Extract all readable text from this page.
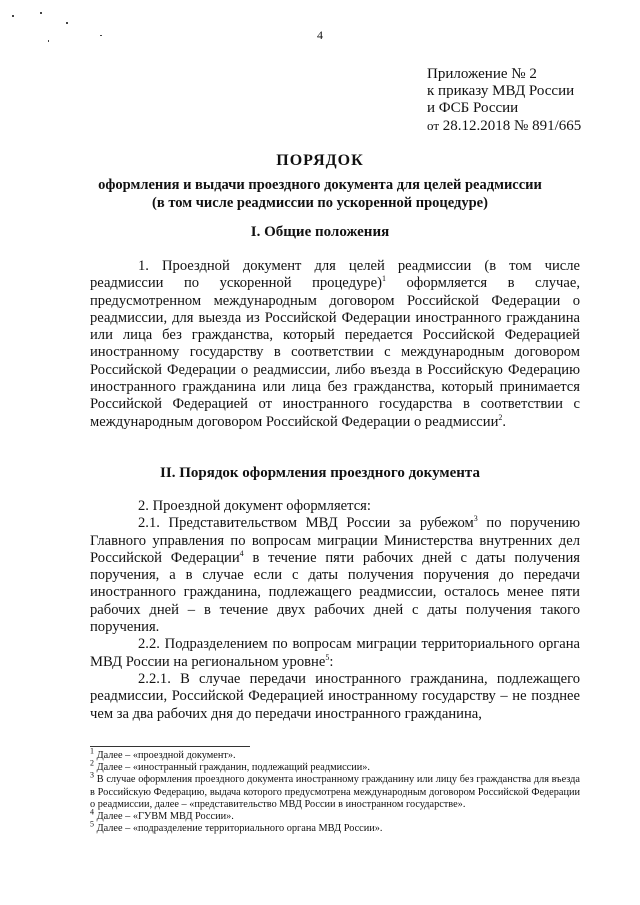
4
Приложение № 2
к приказу МВД России
и ФСБ России
от 28.12.2018 № 891/665
ПОРЯДОК
оформления и выдачи проездного документа для целей реадмиссии
(в том числе реадмиссии по ускоренной процедуре)
I. Общие положения

1. Проездной документ для целей реадмиссии (в том числе реадмиссии по ускоренной процедуре)$^1$ оформляется в случае, предусмотренном международным договором Российской Федерации о реадмиссии, для выезда из Российской Федерации иностранного гражданина или лица без гражданства, который передается Российской Федерацией иностранному государству в соответствии с международным договором Российской Федерации о реадмиссии, либо въезда в Российскую Федерацию иностранного гражданина или лица без гражданства, который принимается Российской Федерацией от иностранного государства в соответствии с международным договором Российской Федерации о реадмиссии$^2$.

II. Порядок оформления проездного документа

2. Проездной документ оформляется:

2.1. Представительством МВД России за рубежом$^3$ по поручению Главного управления по вопросам миграции Министерства внутренних дел Российской Федерации$^4$ в течение пяти рабочих дней с даты получения поручения, а в случае если с даты получения поручения до передачи иностранного гражданина, подлежащего реадмиссии, осталось менее пяти рабочих дней – в течение двух рабочих дней с даты получения такого поручения.

2.2. Подразделением по вопросам миграции территориального органа МВД России на региональном уровне$^5$:

2.2.1. В случае передачи иностранного гражданина, подлежащего реадмиссии, Российской Федерацией иностранному государству – не позднее чем за два рабочих дня до передачи иностранного гражданина,

$^1$ Далее – «проездной документ».
$^2$ Далее – «иностранный гражданин, подлежащий реадмиссии».
$^3$ В случае оформления проездного документа иностранному гражданину или лицу без гражданства для въезда в Российскую Федерацию, выдача которого предусмотрена международным договором Российской Федерации о реадмиссии, далее – «представительство МВД России в иностранном государстве».
$^4$ Далее – «ГУВМ МВД России».
$^5$ Далее – «подразделение территориального органа МВД России».
